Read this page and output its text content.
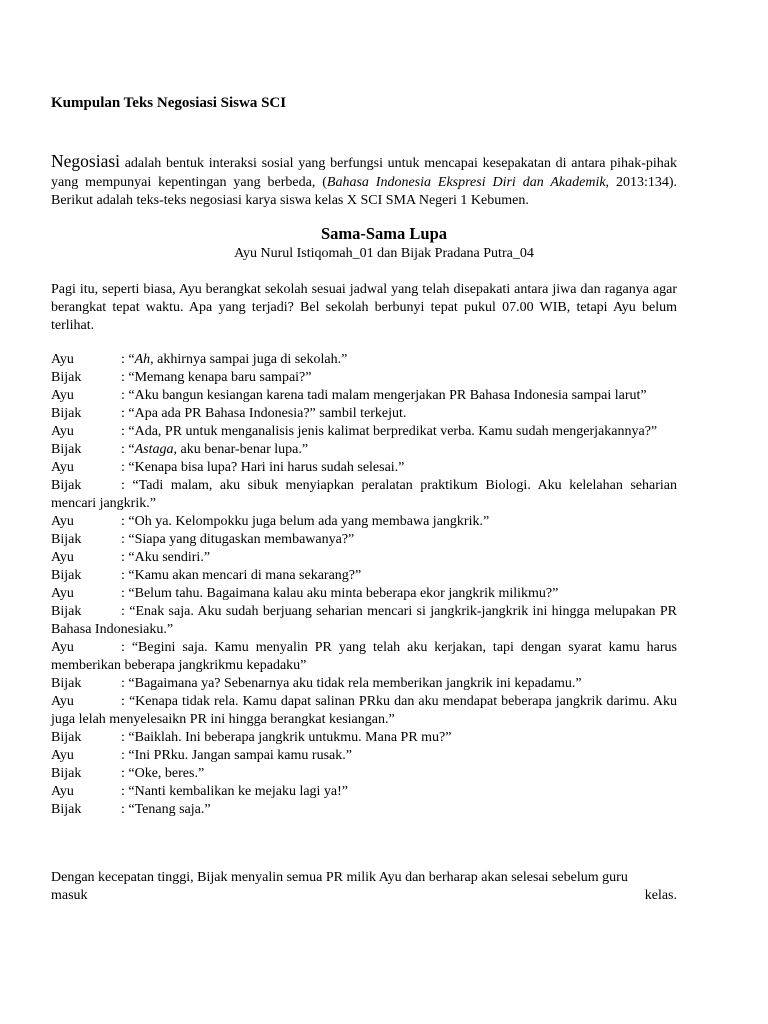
Kumpulan Teks Negosiasi Siswa SCI
Negosiasi adalah bentuk interaksi sosial yang berfungsi untuk mencapai kesepakatan di antara pihak-pihak yang mempunyai kepentingan yang berbeda, (Bahasa Indonesia Ekspresi Diri dan Akademik, 2013:134). Berikut adalah teks-teks negosiasi karya siswa kelas X SCI SMA Negeri 1 Kebumen.
Sama-Sama Lupa
Ayu Nurul Istiqomah_01 dan Bijak Pradana Putra_04
Pagi itu, seperti biasa, Ayu berangkat sekolah sesuai jadwal yang telah disepakati antara jiwa dan raganya agar berangkat tepat waktu. Apa yang terjadi? Bel sekolah berbunyi tepat pukul 07.00 WIB, tetapi Ayu belum terlihat.
Ayu	: “Ah, akhirnya sampai juga di sekolah.”
Bijak	: “Memang kenapa baru sampai?”
Ayu	: “Aku bangun kesiangan karena tadi malam mengerjakan PR Bahasa Indonesia sampai larut”
Bijak	: “Apa ada PR Bahasa Indonesia?” sambil terkejut.
Ayu	: “Ada, PR untuk menganalisis jenis kalimat berpredikat verba. Kamu sudah mengerjakannya?”
Bijak	: “Astaga, aku benar-benar lupa.”
Ayu	: “Kenapa bisa lupa? Hari ini harus sudah selesai.”
Bijak	: “Tadi malam, aku sibuk menyiapkan peralatan praktikum Biologi. Aku kelelahan seharian mencari jangkrik.”
Ayu	: “Oh ya. Kelompokku juga belum ada yang membawa jangkrik.”
Bijak	: “Siapa yang ditugaskan membawanya?”
Ayu	: “Aku sendiri.”
Bijak	: “Kamu akan mencari di mana sekarang?”
Ayu	: “Belum tahu. Bagaimana kalau aku minta beberapa ekor jangkrik milikmu?”
Bijak	: “Enak saja. Aku sudah berjuang seharian mencari si jangkrik-jangkrik ini hingga melupakan PR Bahasa Indonesiaku.”
Ayu	: “Begini saja. Kamu menyalin PR yang telah aku kerjakan, tapi dengan syarat kamu harus memberikan beberapa jangkrikmu kepadaku”
Bijak	: “Bagaimana ya? Sebenarnya aku tidak rela memberikan jangkrik ini kepadamu.”
Ayu	: “Kenapa tidak rela. Kamu dapat salinan PRku dan aku mendapat beberapa jangkrik darimu. Aku juga lelah menyelesaikn PR ini hingga berangkat kesiangan.”
Bijak	: “Baiklah. Ini beberapa jangkrik untukmu. Mana PR mu?”
Ayu	: “Ini PRku. Jangan sampai kamu rusak.”
Bijak	: “Oke, beres.”
Ayu	: “Nanti kembalikan ke mejaku lagi ya!”
Bijak	: “Tenang saja.”
Dengan kecepatan tinggi, Bijak menyalin semua PR milik Ayu dan berharap akan selesai sebelum guru
masuk	kelas.
